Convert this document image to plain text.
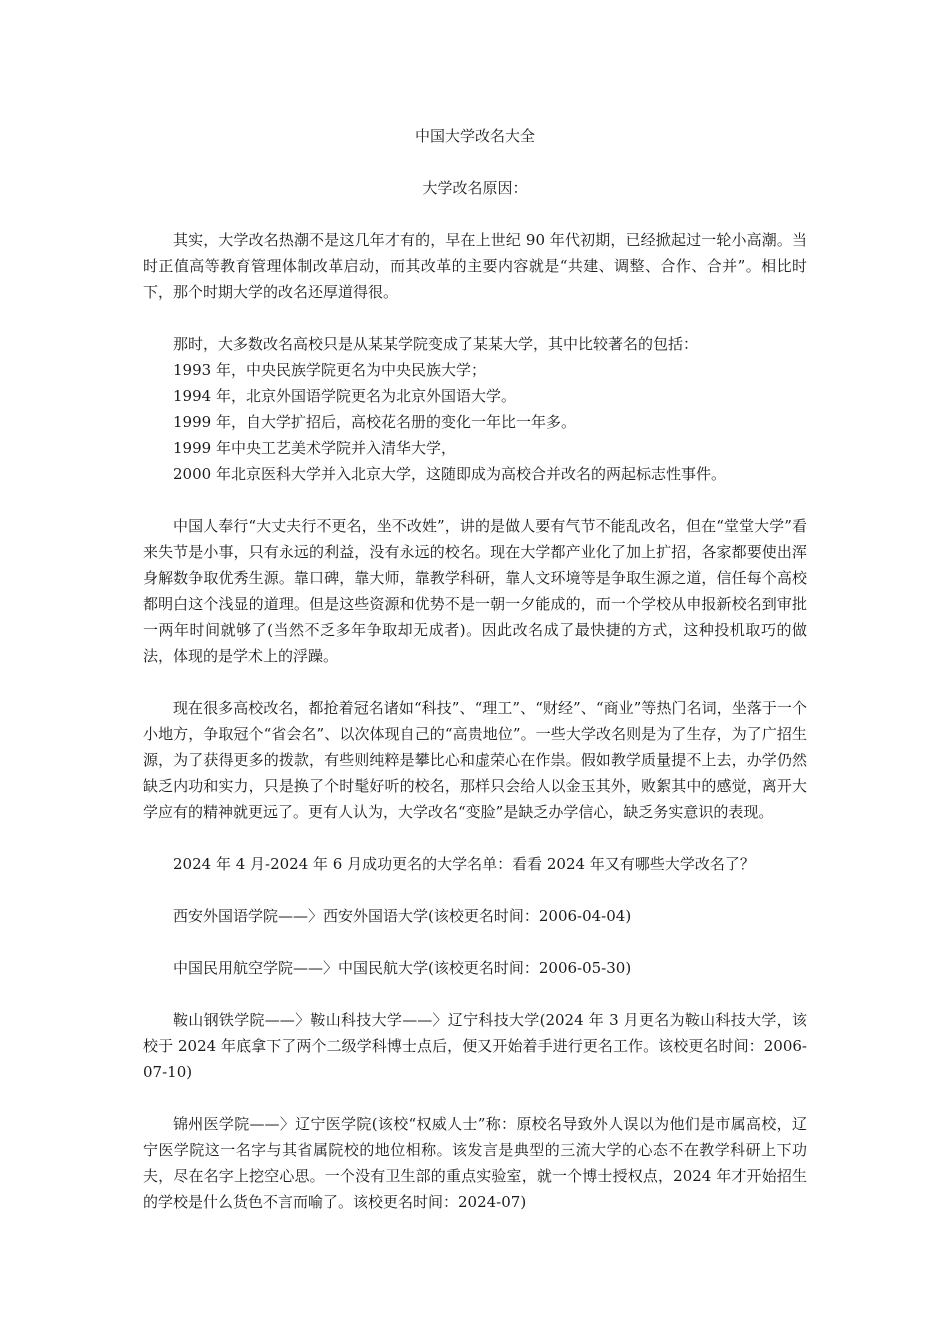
中国大学改名大全
大学改名原因：

其实，大学改名热潮不是这几年才有的，早在上世纪 90 年代初期，已经掀起过一轮小高潮。当时正值高等教育管理体制改革启动，而其改革的主要内容就是“共建、调整、合作、合并”。相比时下，那个时期大学的改名还厚道得很。

那时，大多数改名高校只是从某某学院变成了某某大学，其中比较著名的包括：
1993 年，中央民族学院更名为中央民族大学；
1994 年，北京外国语学院更名为北京外国语大学。
1999 年，自大学扩招后，高校花名册的变化一年比一年多。
1999 年中央工艺美术学院并入清华大学，
2000 年北京医科大学并入北京大学，这随即成为高校合并改名的两起标志性事件。

中国人奉行“大丈夫行不更名，坐不改姓”，讲的是做人要有气节不能乱改名，但在“堂堂大学”看来失节是小事，只有永远的利益，没有永远的校名。现在大学都产业化了加上扩招，各家都要使出浑身解数争取优秀生源。靠口碑，靠大师，靠教学科研，靠人文环境等是争取生源之道，信任每个高校都明白这个浅显的道理。但是这些资源和优势不是一朝一夕能成的，而一个学校从申报新校名到审批一两年时间就够了(当然不乏多年争取却无成者)。因此改名成了最快捷的方式，这种投机取巧的做法，体现的是学术上的浮躁。

现在很多高校改名，都抢着冠名诸如“科技”、“理工”、“财经”、“商业”等热门名词，坐落于一个小地方，争取冠个“省会名”、以次体现自己的“高贵地位”。一些大学改名则是为了生存，为了广招生源，为了获得更多的拨款，有些则纯粹是攀比心和虚荣心在作祟。假如教学质量提不上去，办学仍然缺乏内功和实力，只是换了个时髦好听的校名，那样只会给人以金玉其外，败絮其中的感觉，离开大学应有的精神就更远了。更有人认为，大学改名“变脸”是缺乏办学信心，缺乏务实意识的表现。

2024 年 4 月-2024 年 6 月成功更名的大学名单：看看 2024 年又有哪些大学改名了？

西安外国语学院——〉西安外国语大学(该校更名时间：2006-04-04)

中国民用航空学院——〉中国民航大学(该校更名时间：2006-05-30)

鞍山钢铁学院——〉鞍山科技大学——〉辽宁科技大学(2024 年 3 月更名为鞍山科技大学，该校于 2024 年底拿下了两个二级学科博士点后，便又开始着手进行更名工作。该校更名时间：2006-07-10)

锦州医学院——〉辽宁医学院(该校“权威人士”称：原校名导致外人误以为他们是市属高校，辽宁医学院这一名字与其省属院校的地位相称。该发言是典型的三流大学的心态不在教学科研上下功夫，尽在名字上挖空心思。一个没有卫生部的重点实验室，就一个博士授权点，2024 年才开始招生的学校是什么货色不言而喻了。该校更名时间：2024-07)
